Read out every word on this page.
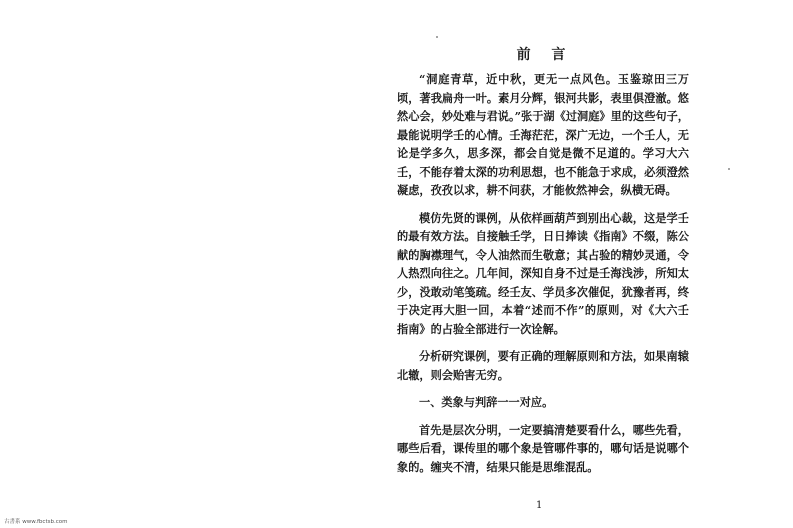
前 言

“洞庭青草，近中秋，更无一点风色。玉鉴琼田三万顷，著我扁舟一叶。素月分辉，银河共影，表里俱澄澈。悠然心会，妙处难与君说。”张于湖《过洞庭》里的这些句子，最能说明学壬的心情。壬海茫茫，深广无边，一个壬人，无论是学多久，思多深，都会自觉是微不足道的。学习大六壬，不能存着太深的功利思想，也不能急于求成，必须澄然凝虑，孜孜以求，耕不问获，才能攸然神会，纵横无碍。

模仿先贤的课例，从依样画葫芦到别出心裁，这是学壬的最有效方法。自接触壬学，日日捧读《指南》不缀，陈公献的胸襟理气，令人油然而生敬意；其占验的精妙灵通，令人热烈向往之。几年间，深知自身不过是壬海浅涉，所知太少，没敢动笔笺疏。经壬友、学员多次催促，犹豫者再，终于决定再大胆一回，本着“述而不作”的原则，对《大六壬指南》的占验全部进行一次诠解。

分析研究课例，要有正确的理解原则和方法，如果南辕北辙，则会贻害无穷。

一、类象与判辞一一对应。

首先是层次分明，一定要搞清楚要看什么，哪些先看，哪些后看，课传里的哪个象是管哪件事的，哪句话是说哪个象的。缠夹不清，结果只能是思维混乱。

1
古書系 www.fbctsb.com
